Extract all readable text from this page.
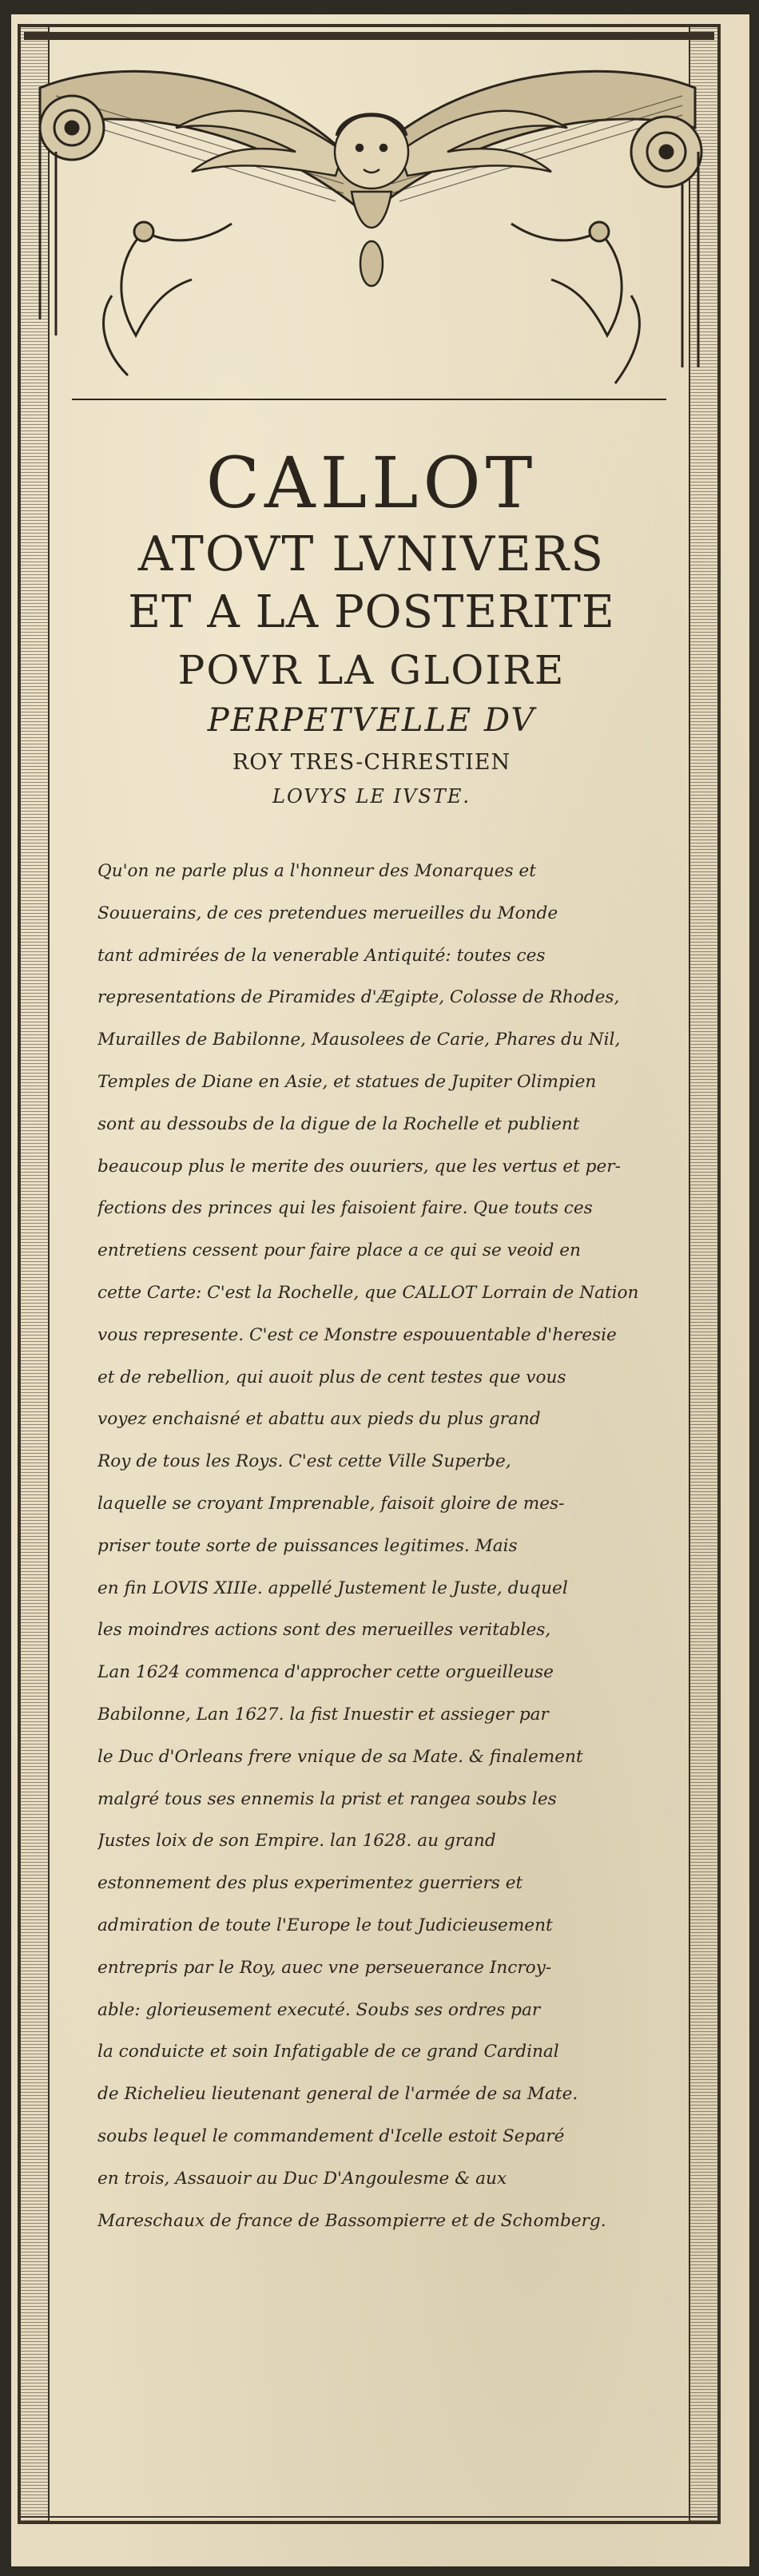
CALLOT

ATOVT LVNIVERS

ET A LA POSTERITE

POVR LA GLOIRE

PERPETVELLE DV

ROY TRES-CHRESTIEN

LOVYS LE IVSTE.

Qu'on ne parle plus a l'honneur des Monarques et
Souuerains, de ces pretendues merueilles du Monde
tant admirées de la venerable Antiquité: toutes ces
representations de Piramides d'Ægipte, Colosse de Rhodes,
Murailles de Babilonne, Mausolees de Carie, Phares du Nil,
Temples de Diane en Asie, et statues de Jupiter Olimpien
sont au dessoubs de la digue de la Rochelle et publient
beaucoup plus le merite des ouuriers, que les vertus et per-
fections des princes qui les faisoient faire. Que touts ces
entretiens cessent pour faire place a ce qui se veoid en
cette Carte: C'est la Rochelle, que CALLOT Lorrain de Nation
vous represente. C'est ce Monstre espouuentable d'heresie
et de rebellion, qui auoit plus de cent testes que vous
voyez enchaisné et abattu aux pieds du plus grand
Roy de tous les Roys. C'est cette Ville Superbe,
laquelle se croyant Imprenable, faisoit gloire de mes-
priser toute sorte de puissances legitimes. Mais
en fin LOVIS XIIIe. appellé Justement le Juste, duquel
les moindres actions sont des merueilles veritables,
Lan 1624 commenca d'approcher cette orgueilleuse
Babilonne, Lan 1627. la fist Inuestir et assieger par
le Duc d'Orleans frere vnique de sa Mate. & finalement
malgré tous ses ennemis la prist et rangea soubs les
Justes loix de son Empire. lan 1628. au grand
estonnement des plus experimentez guerriers et
admiration de toute l'Europe le tout Judicieusement
entrepris par le Roy, auec vne perseuerance Incroy-
able: glorieusement executé. Soubs ses ordres par
la conduicte et soin Infatigable de ce grand Cardinal
de Richelieu lieutenant general de l'armée de sa Mate.
soubs lequel le commandement d'Icelle estoit Separé
en trois, Assauoir au Duc D'Angoulesme & aux
Mareschaux de france de Bassompierre et de Schomberg.
